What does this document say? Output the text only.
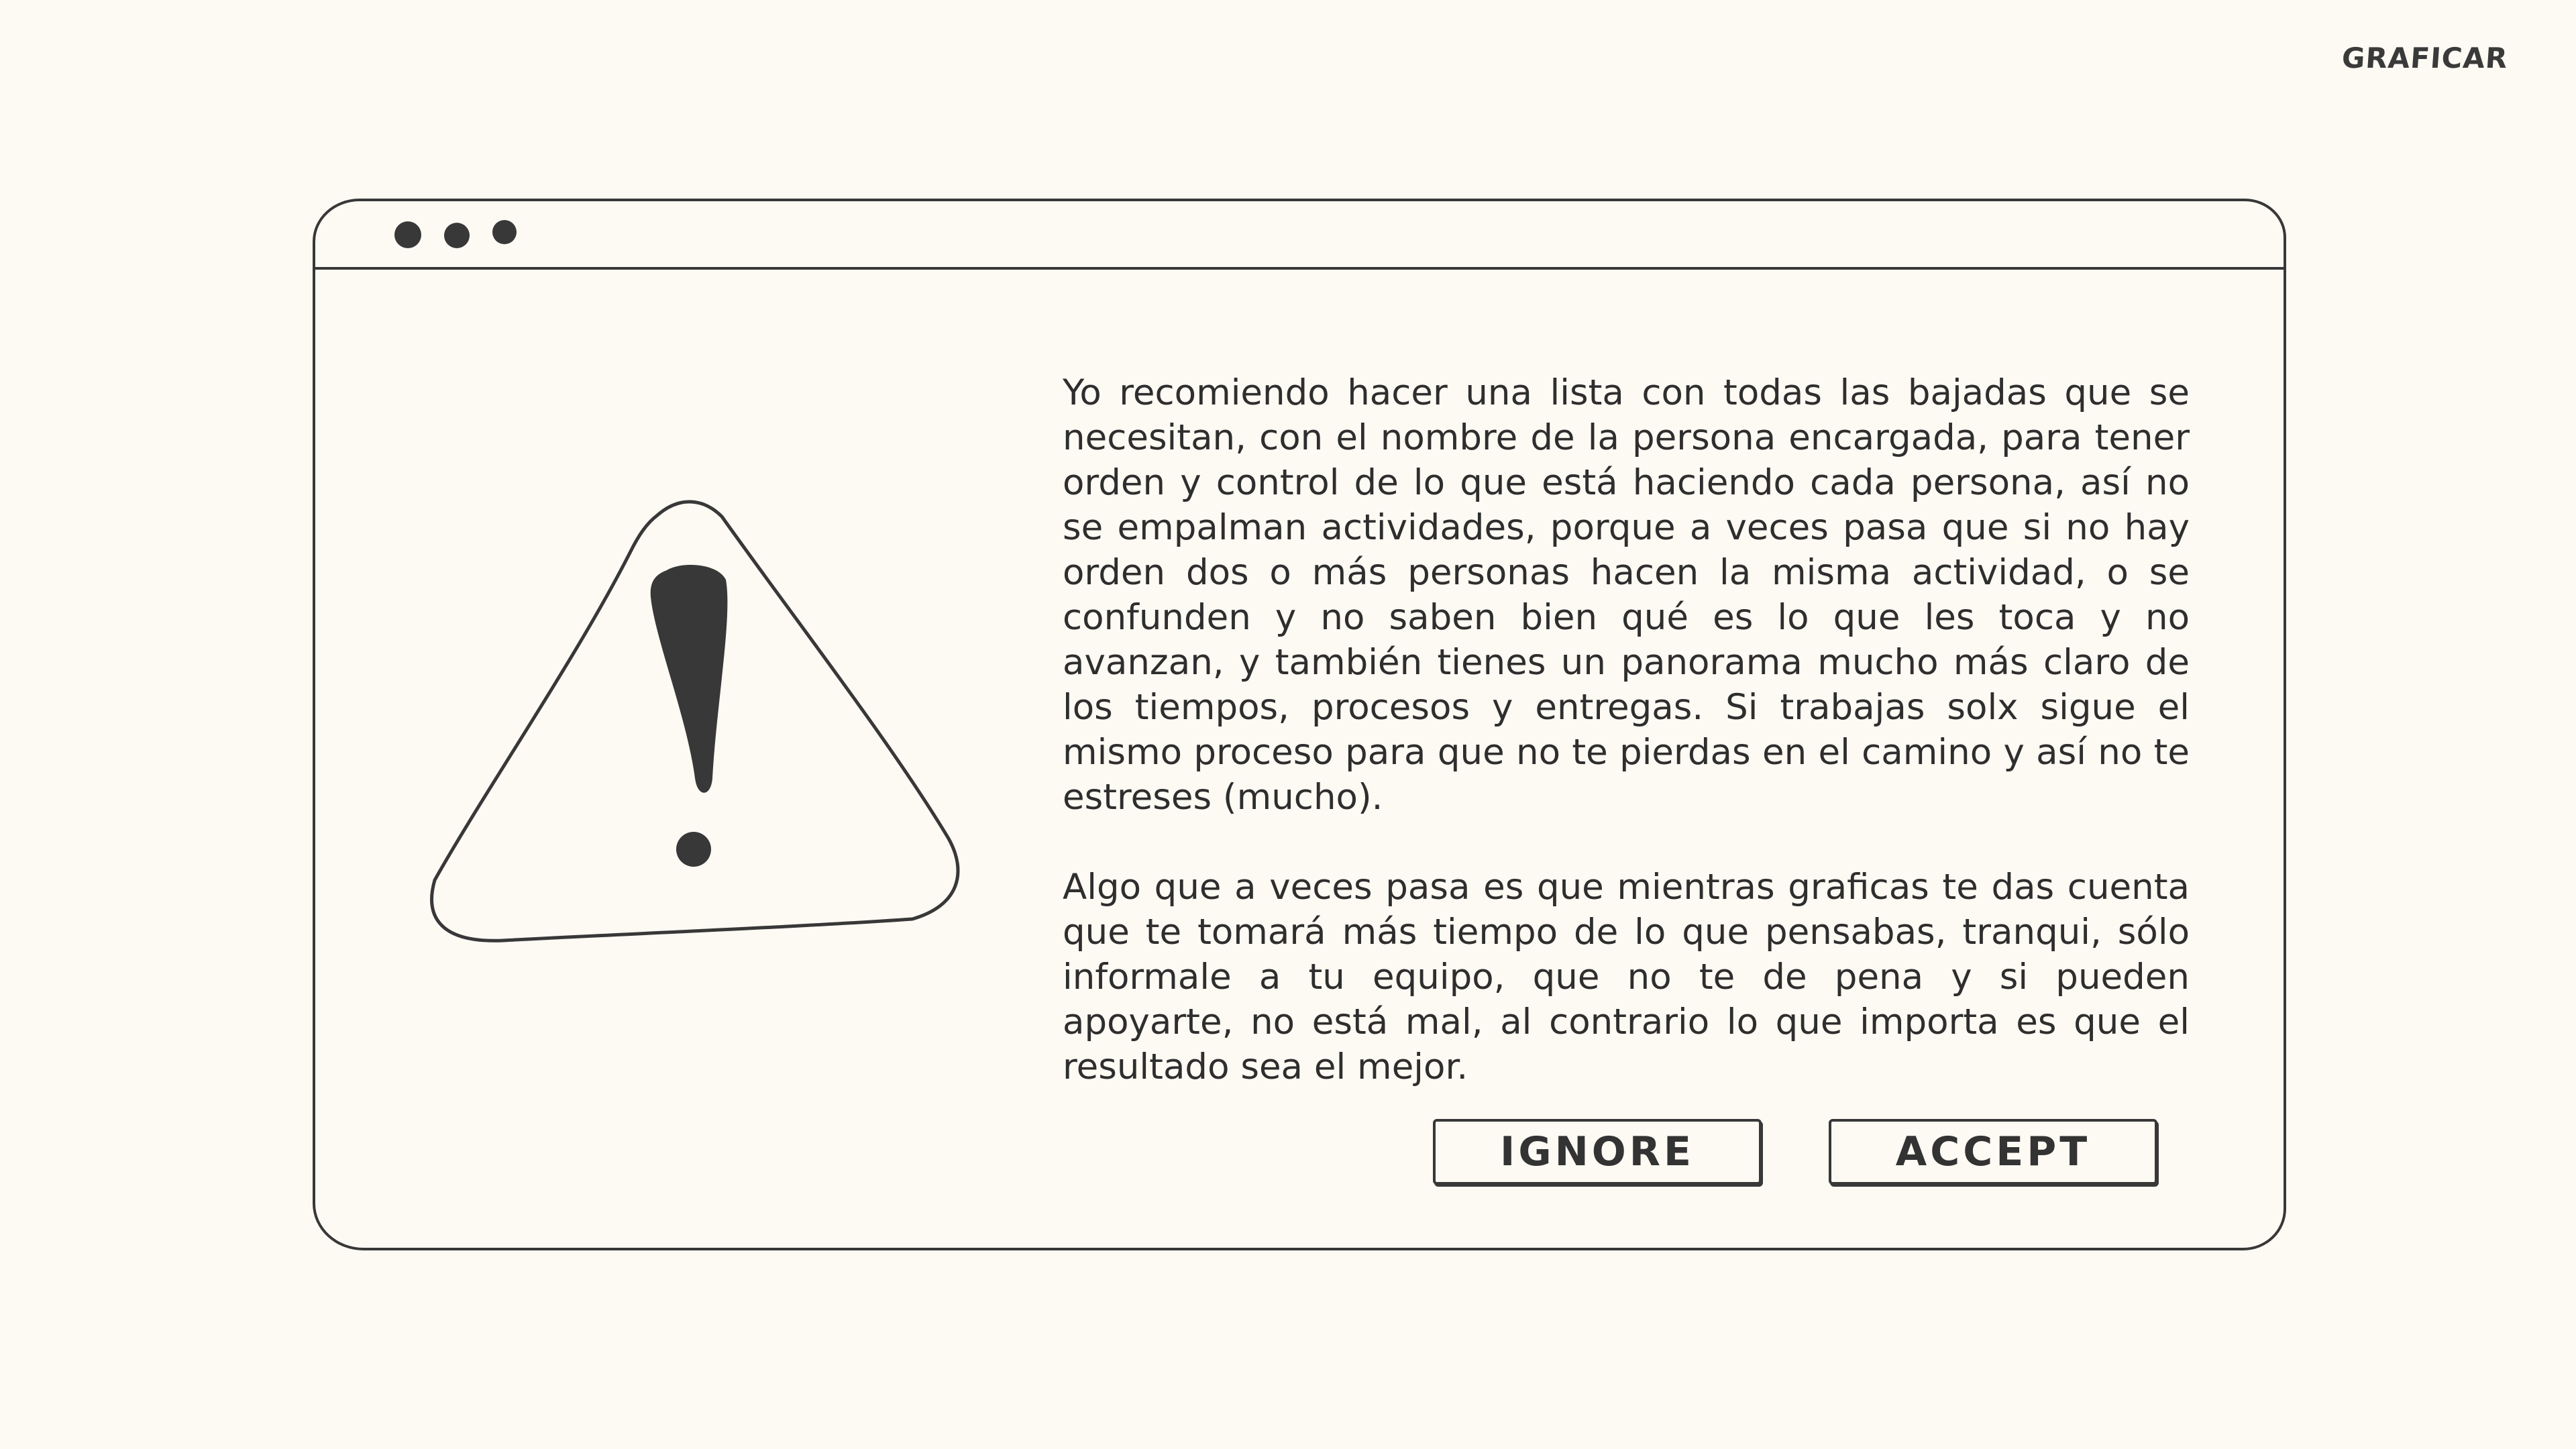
GRAFICAR

Yo recomiendo hacer una lista con todas las bajadas que se necesitan, con el nombre de la persona encargada, para tener orden y control de lo que está haciendo cada persona, así no se empalman actividades, porque a veces pasa que si no hay orden dos o más personas hacen la misma actividad, o se confunden y no saben bien qué es lo que les toca y no avanzan, y también tienes un panorama mucho más claro de los tiempos, procesos y entregas. Si trabajas solx sigue el mismo proceso para que no te pierdas en el camino y así no te estreses (mucho).

Algo que a veces pasa es que mientras graficas te das cuenta que te tomará más tiempo de lo que pensabas, tranqui, sólo informale a tu equipo, que no te de pena y si pueden apoyarte, no está mal, al contrario lo que importa es que el resultado sea el mejor.

IGNORE	ACCEPT
